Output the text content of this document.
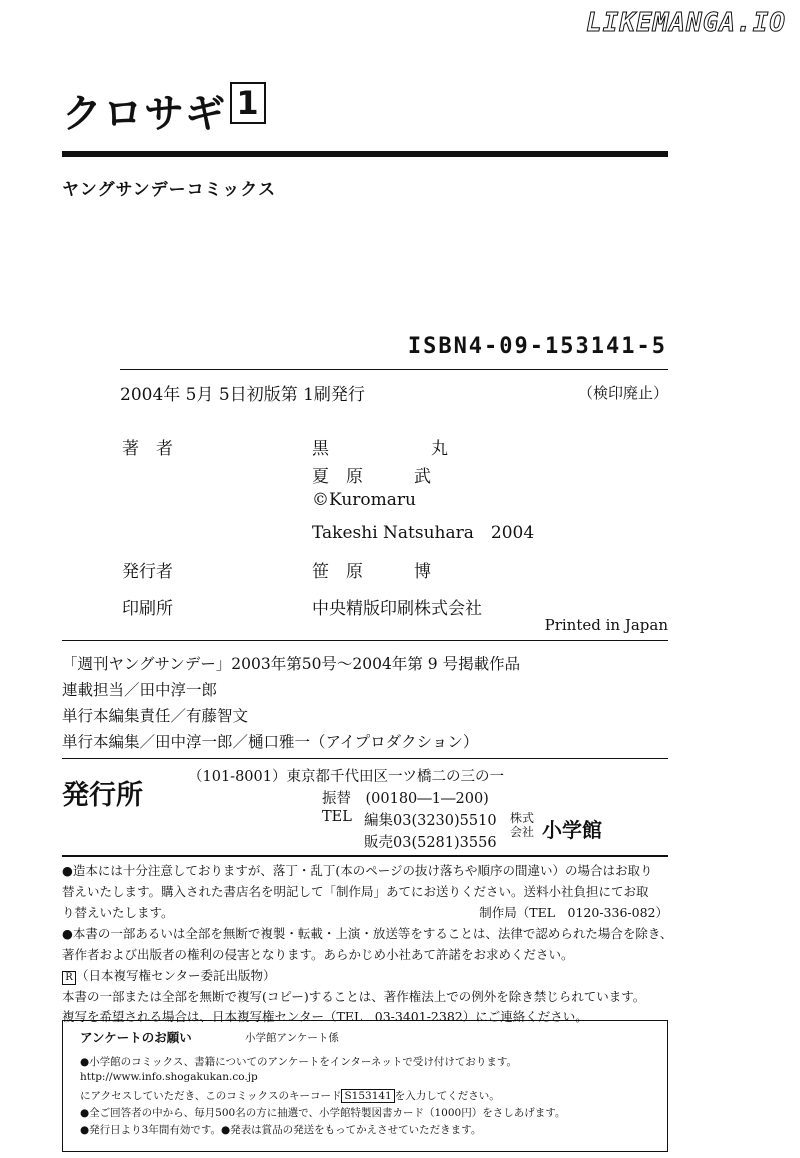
LIKEMANGA.IO
クロサギ 1
ヤングサンデーコミックス
ISBN4-09-153141-5
2004年 5月 5日初版第 1刷発行	（検印廃止）
著　者	黒　　　　　　丸
夏　原　　　武
©Kuromaru
Takeshi Natsuhara　2004
発行者	笹　原　　　博
印刷所	中央精版印刷株式会社
Printed in Japan
「週刊ヤングサンデー」2003年第50号～2004年第 9 号掲載作品
連載担当／田中淳一郎
単行本編集責任／有藤智文
単行本編集／田中淳一郎／樋口雅一（アイプロダクション）
発行所
（101-8001）東京都千代田区一ツ橋二の三の一
振替　(00180―1―200)
TEL 編集03(3230)5510
販売03(5281)3556
株式
会社 小学館
●造本には十分注意しておりますが、落丁・乱丁(本のページの抜け落ちや順序の間違い）の場合はお取り
替えいたします。購入された書店名を明記して「制作局」あてにお送りください。送料小社負担にてお取
り替えいたします。	制作局（TEL　0120-336-082）
●本書の一部あるいは全部を無断で複製・転載・上演・放送等をすることは、法律で認められた場合を除き、
著作者および出版者の権利の侵害となります。あらかじめ小社あて許諾をお求めください。
R （日本複写権センター委託出版物）
本書の一部または全部を無断で複写(コピー)することは、著作権法上での例外を除き禁じられています。
複写を希望される場合は、日本複写権センター（TEL　03-3401-2382）にご連絡ください。
アンケートのお願い	小学館アンケート係
●小学館のコミックス、書籍についてのアンケートをインターネットで受け付けております。
http://www.info.shogakukan.co.jp
にアクセスしていただき、このコミックスのキーコード S153141 を入力してください。
●全ご回答者の中から、毎月500名の方に抽選で、小学館特製図書カード（1000円）をさしあげます。
●発行日より3年間有効です。●発表は賞品の発送をもってかえさせていただきます。
